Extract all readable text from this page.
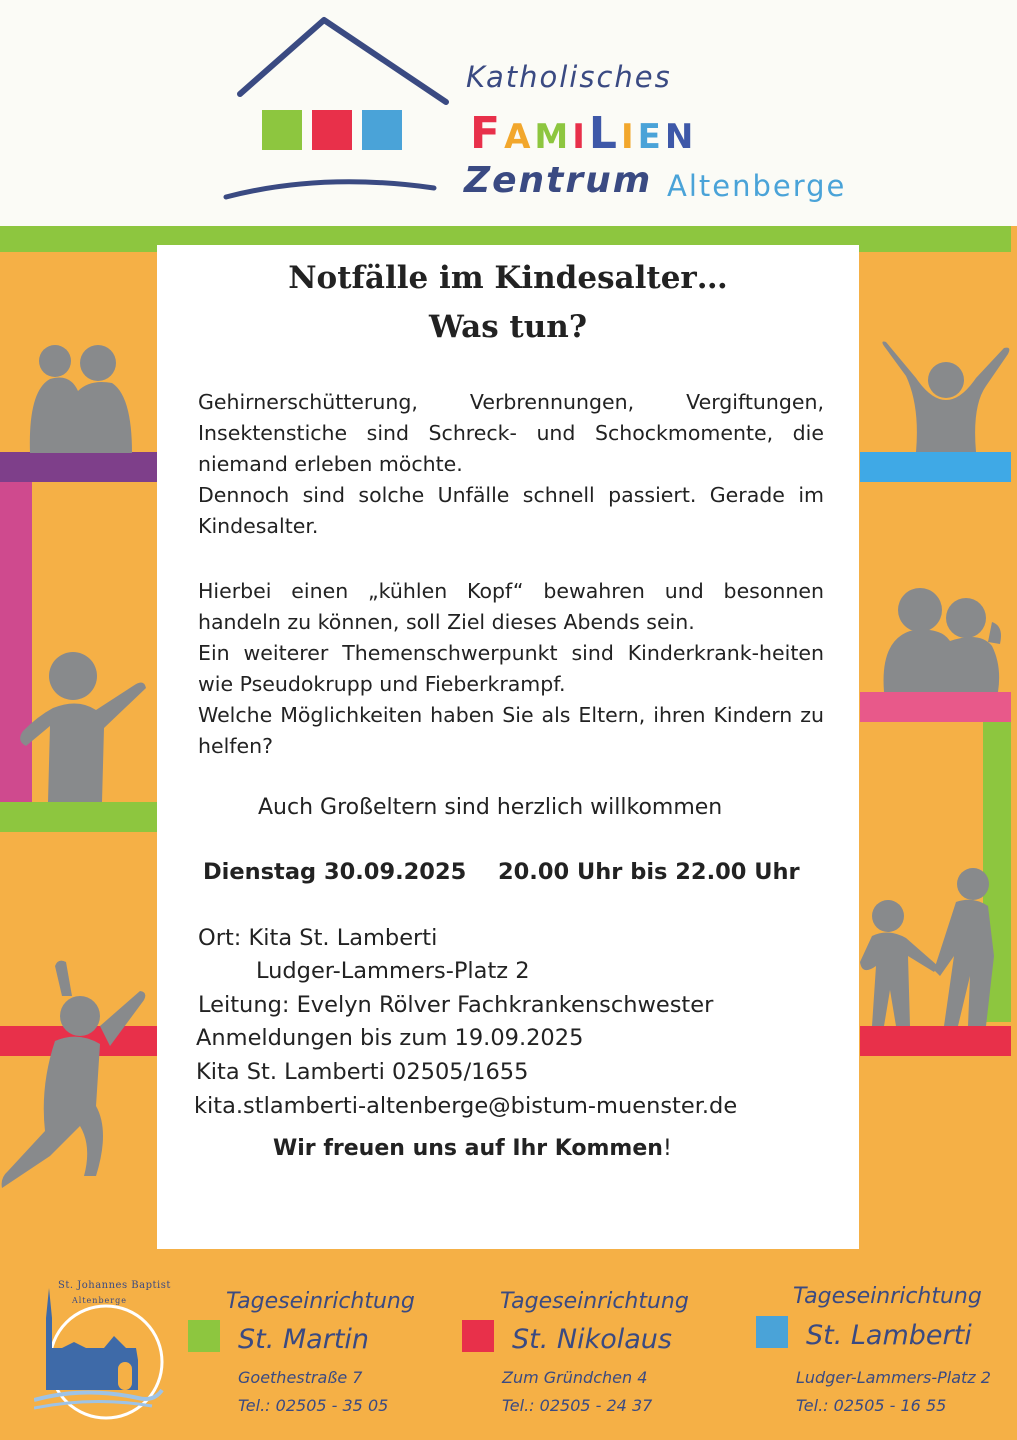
Katholisches
FAMILIEN
Zentrum Altenberge
Notfälle im Kindesalter…
Was tun?
Gehirnerschütterung, Verbrennungen, Vergiftungen, Insektenstiche sind Schreck- und Schockmomente, die niemand erleben möchte.
Dennoch sind solche Unfälle schnell passiert. Gerade im Kindesalter.
Hierbei einen „kühlen Kopf“ bewahren und besonnen handeln zu können, soll Ziel dieses Abends sein.
Ein weiterer Themenschwerpunkt sind Kinderkrank-heiten wie Pseudokrupp und Fieberkrampf.
Welche Möglichkeiten haben Sie als Eltern, ihren Kindern zu helfen?
Auch Großeltern sind herzlich willkommen
Dienstag 30.09.2025 20.00 Uhr bis 22.00 Uhr
Ort: Kita St. Lamberti
Ludger-Lammers-Platz 2
Leitung: Evelyn Rölver Fachkrankenschwester
Anmeldungen bis zum 19.09.2025
Kita St. Lamberti 02505/1655
kita.stlamberti-altenberge@bistum-muenster.de
Wir freuen uns auf Ihr Kommen!
St. Johannes Baptist
Altenberge	Tageseinrichtung
St. Martin
Goethestraße 7
Tel.: 02505 - 35 05
Tageseinrichtung
St. Nikolaus
Zum Gründchen 4
Tel.: 02505 - 24 37
Tageseinrichtung
St. Lamberti
Ludger-Lammers-Platz 2
Tel.: 02505 - 16 55
